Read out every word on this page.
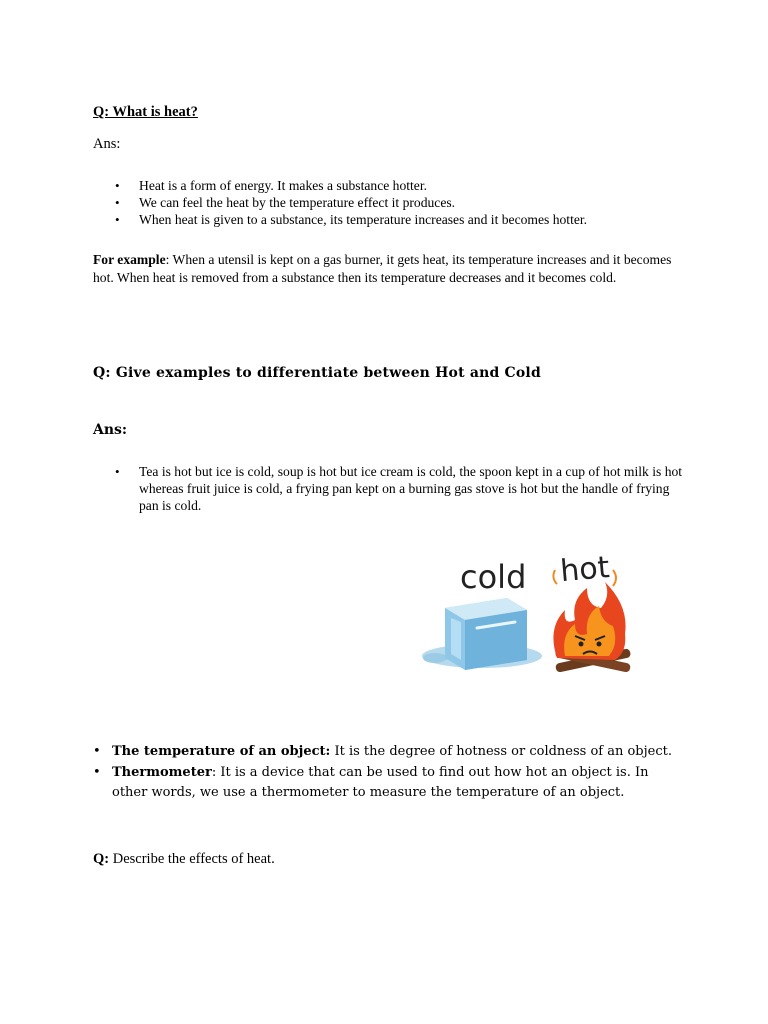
Q: What is heat?
Ans:
• Heat is a form of energy. It makes a substance hotter.
• We can feel the heat by the temperature effect it produces.
• When heat is given to a substance, its temperature increases and it becomes hotter.
For example: When a utensil is kept on a gas burner, it gets heat, its temperature increases and it becomes hot. When heat is removed from a substance then its temperature decreases and it becomes cold.
Q: Give examples to differentiate between Hot and Cold
Ans:
• Tea is hot but ice is cold, soup is hot but ice cream is cold, the spoon kept in a cup of hot milk is hot whereas fruit juice is cold, a frying pan kept on a burning gas stove is hot but the handle of frying pan is cold.
cold hot
• The temperature of an object: It is the degree of hotness or coldness of an object.
• Thermometer: It is a device that can be used to find out how hot an object is. In other words, we use a thermometer to measure the temperature of an object.
Q: Describe the effects of heat.
